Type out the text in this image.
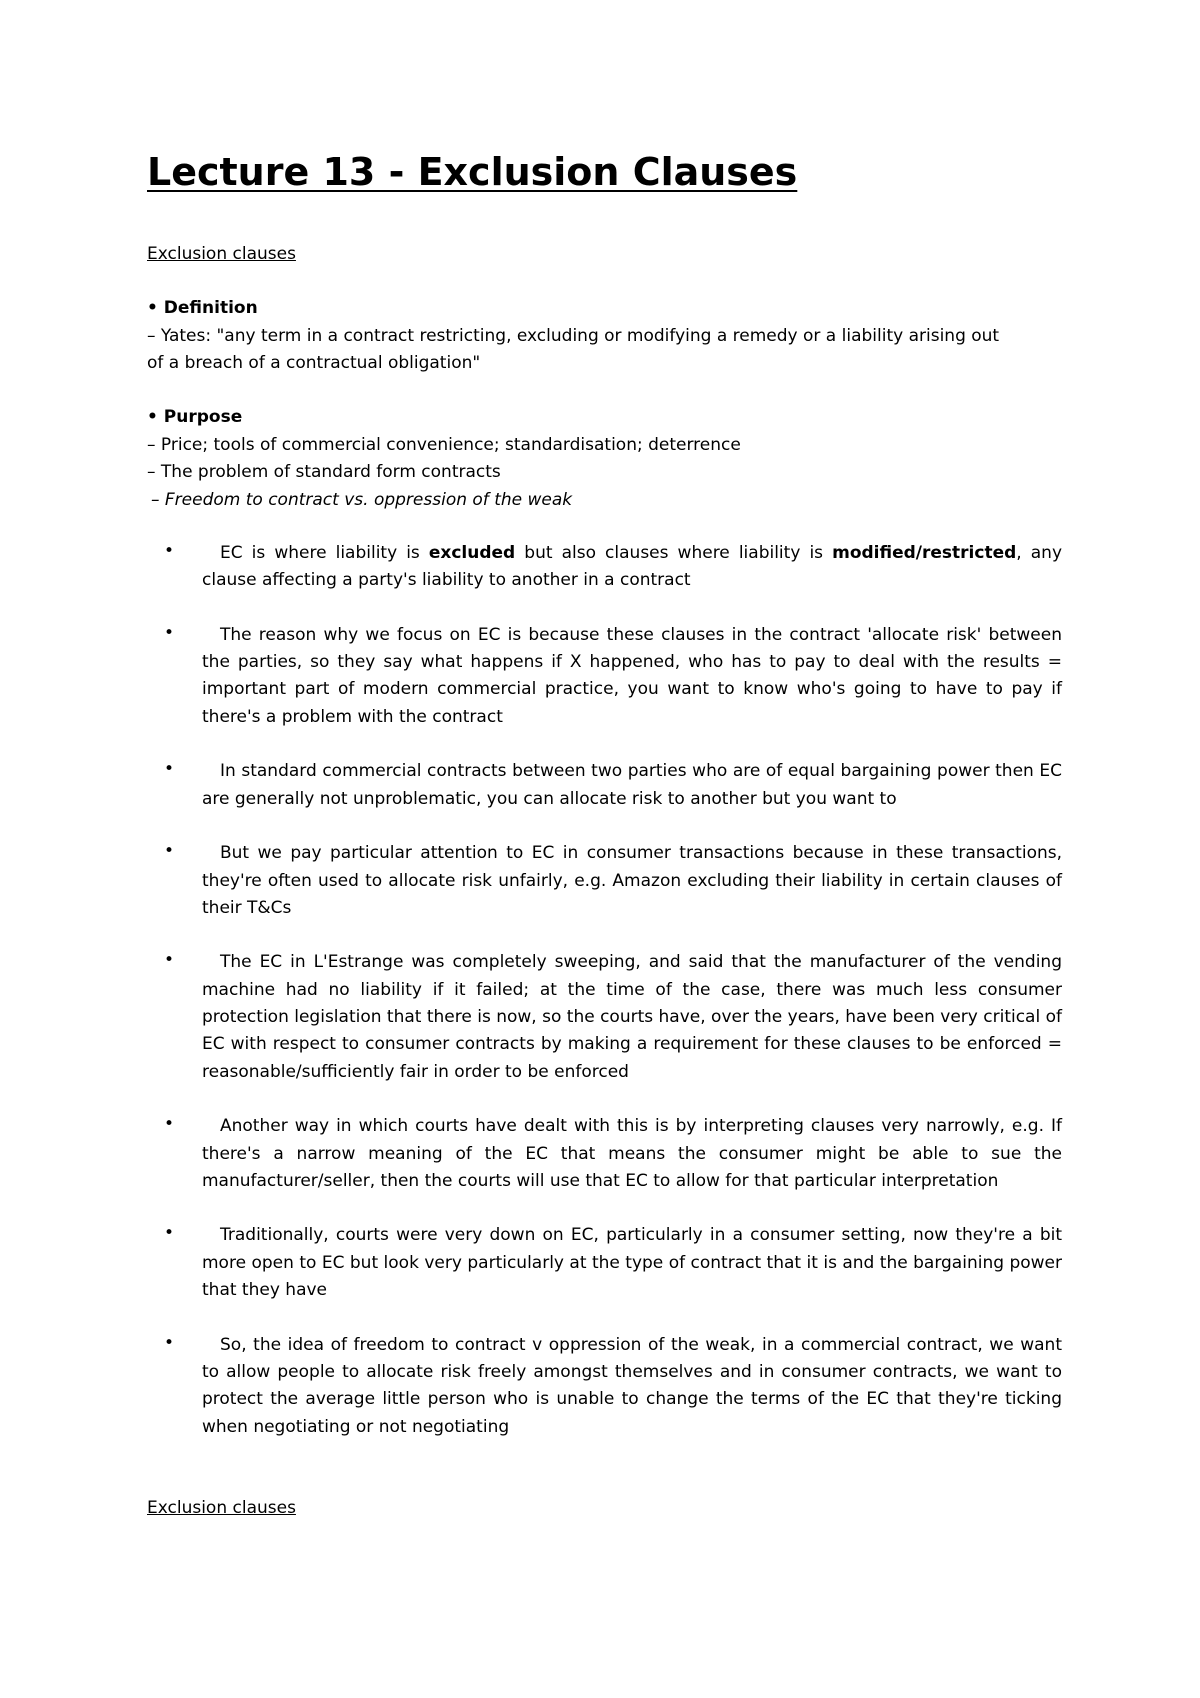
Lecture 13 - Exclusion Clauses
Exclusion clauses
• Definition
– Yates: "any term in a contract restricting, excluding or modifying a remedy or a liability arising out
of a breach of a contractual obligation"
• Purpose
– Price; tools of commercial convenience; standardisation; deterrence
– The problem of standard form contracts
– Freedom to contract vs. oppression of the weak
•	EC is where liability is excluded but also clauses where liability is modified/restricted, any clause affecting a party's liability to another in a contract
•	The reason why we focus on EC is because these clauses in the contract 'allocate risk' between the parties, so they say what happens if X happened, who has to pay to deal with the results = important part of modern commercial practice, you want to know who's going to have to pay if there's a problem with the contract
•	In standard commercial contracts between two parties who are of equal bargaining power then EC are generally not unproblematic, you can allocate risk to another but you want to
•	But we pay particular attention to EC in consumer transactions because in these transactions, they're often used to allocate risk unfairly, e.g. Amazon excluding their liability in certain clauses of their T&Cs
•	The EC in L'Estrange was completely sweeping, and said that the manufacturer of the vending machine had no liability if it failed; at the time of the case, there was much less consumer protection legislation that there is now, so the courts have, over the years, have been very critical of EC with respect to consumer contracts by making a requirement for these clauses to be enforced = reasonable/sufficiently fair in order to be enforced
•	Another way in which courts have dealt with this is by interpreting clauses very narrowly, e.g. If there's a narrow meaning of the EC that means the consumer might be able to sue the manufacturer/seller, then the courts will use that EC to allow for that particular interpretation
•	Traditionally, courts were very down on EC, particularly in a consumer setting, now they're a bit more open to EC but look very particularly at the type of contract that it is and the bargaining power that they have
•	So, the idea of freedom to contract v oppression of the weak, in a commercial contract, we want to allow people to allocate risk freely amongst themselves and in consumer contracts, we want to protect the average little person who is unable to change the terms of the EC that they're ticking when negotiating or not negotiating
Exclusion clauses
